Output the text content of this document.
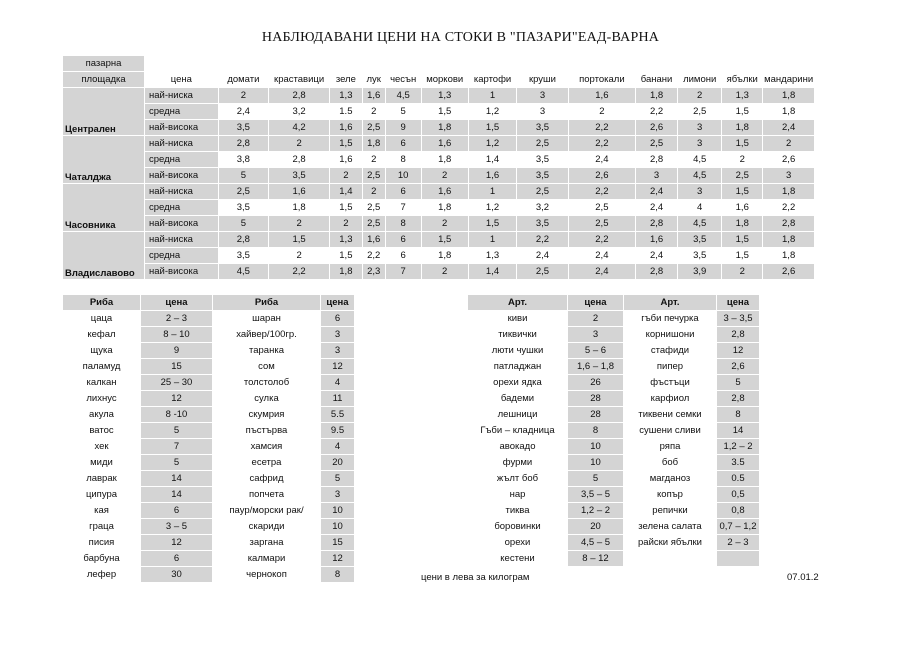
НАБЛЮДАВАНИ ЦЕНИ НА СТОКИ В "ПАЗАРИ"ЕАД-ВАРНА
пазарна														
площадка	цена	домати	краставици	зеле	лук	чесън	моркови	картофи	круши	портокали	банани	лимони	ябълки	мандарини
Централен	най-ниска	2	2,8	1,3	1,6	4,5	1,3	1	3	1,6	1,8	2	1,3	1,8
	средна	2,4	3,2	1.5	2	5	1,5	1,2	3	2	2,2	2,5	1,5	1,8
	най-висока	3,5	4,2	1,6	2,5	9	1,8	1,5	3,5	2,2	2,6	3	1,8	2,4
Чаталджа	най-ниска	2,8	2	1,5	1,8	6	1,6	1,2	2,5	2,2	2,5	3	1,5	2
	средна	3,8	2,8	1,6	2	8	1,8	1,4	3,5	2,4	2,8	4,5	2	2,6
	най-висока	5	3,5	2	2,5	10	2	1,6	3,5	2,6	3	4,5	2,5	3
Часовника	най-ниска	2,5	1,6	1,4	2	6	1,6	1	2,5	2,2	2,4	3	1,5	1,8
	средна	3,5	1,8	1,5	2,5	7	1,8	1,2	3,2	2,5	2,4	4	1,6	2,2
	най-висока	5	2	2	2,5	8	2	1,5	3,5	2,5	2,8	4,5	1,8	2,8
Владиславово	най-ниска	2,8	1,5	1,3	1,6	6	1,5	1	2,2	2,2	1,6	3,5	1,5	1,8
	средна	3,5	2	1,5	2,2	6	1,8	1,3	2,4	2,4	2,4	3,5	1,5	1,8
	най-висока	4,5	2,2	1,8	2,3	7	2	1,4	2,5	2,4	2,8	3,9	2	2,6
Риба	цена	Риба	цена
цаца	2 – 3	шаран	6
кефал	8 – 10	хайвер/100гр.	3
щука	9	таранка	3
паламуд	15	сом	12
калкан	25 – 30	толстолоб	4
лихнус	12	сулка	11
акула	8 -10	скумрия	5.5
ватос	5	пъстърва	9.5
хек	7	хамсия	4
миди	5	есетра	20
лаврак	14	сафрид	5
ципура	14	попчета	3
кая	6	паур/морски рак/	10
граца	3 – 5	скариди	10
писия	12	заргана	15
барбуна	6	калмари	12
лефер	30	чернокоп	8
Арт.	цена	Арт.	цена
киви	2	гъби печурка	3 – 3,5
тиквички	3	корнишони	2,8
люти чушки	5 – 6	стафиди	12
патладжан	1,6 – 1,8	пипер	2,6
орехи ядка	26	фъстъци	5
бадеми	28	карфиол	2,8
лешници	28	тиквени семки	8
Гъби – кладница	8	сушени сливи	14
авокадо	10	ряпа	1,2 – 2
фурми	10	боб	3.5
жълт боб	5	магданоз	0.5
нар	3,5 – 5	копър	0,5
тиква	1,2 – 2	репички	0,8
боровинки	20	зелена салата	0,7 – 1,2
орехи	4,5 – 5	райски ябълки	2 – 3
кестени	8 – 12		
цени в лева за килограм	07.01.2
